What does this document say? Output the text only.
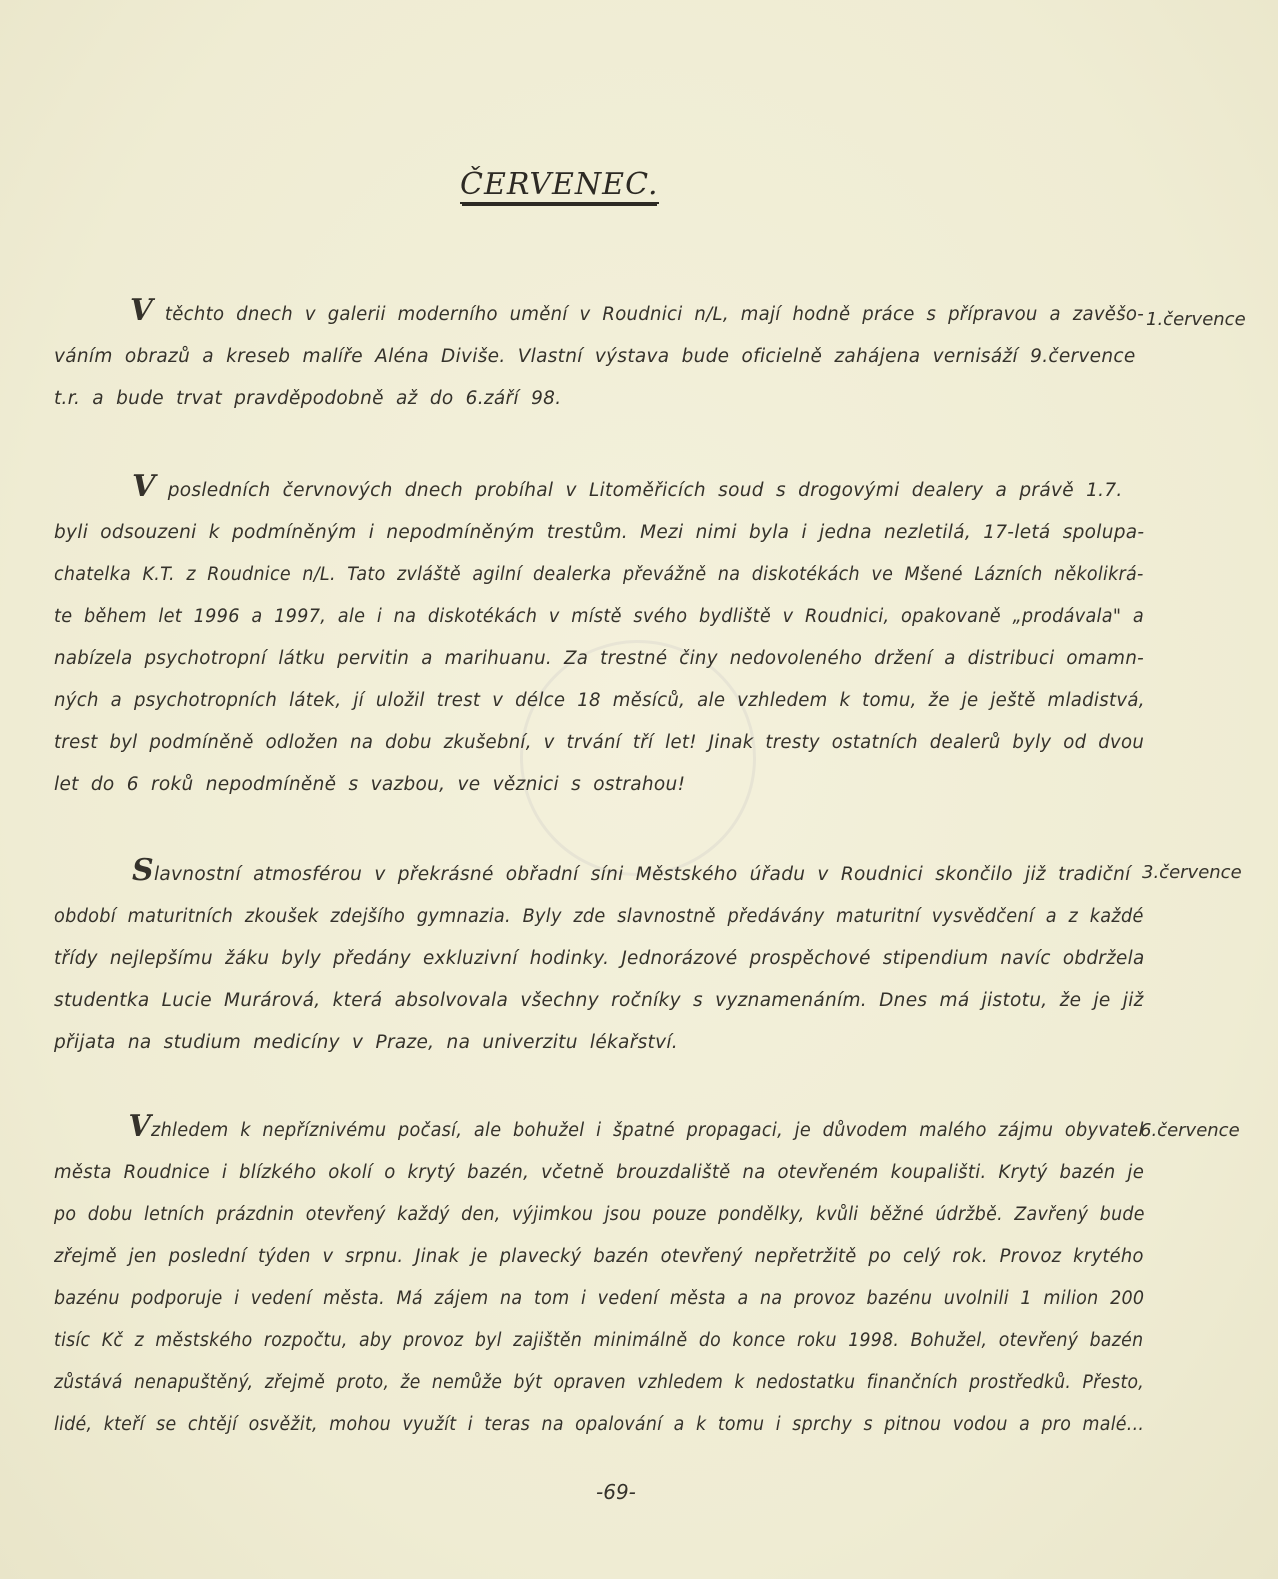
ČERVENEC.
1.července
V těchto dnech v galerii moderního umění v Roudnici n/L, mají hodně práce s přípravou a zavěšo-
váním obrazů a kreseb malíře Aléna Diviše. Vlastní výstava bude oficielně zahájena vernisáží 9.července
t.r. a bude trvat pravděpodobně až do 6.září 98.
V posledních červnových dnech probíhal v Litoměřicích soud s drogovými dealery a právě 1.7.
byli odsouzeni k podmíněným i nepodmíněným trestům. Mezi nimi byla i jedna nezletilá, 17-letá spolupa-
chatelka K.T. z Roudnice n/L. Tato zvláště agilní dealerka převážně na diskotékách ve Mšené Lázních několikrá-
te během let 1996 a 1997, ale i na diskotékách v místě svého bydliště v Roudnici, opakovaně „prodávala" a
nabízela psychotropní látku pervitin a marihuanu. Za trestné činy nedovoleného držení a distribuci omamn-
ných a psychotropních látek, jí uložil trest v délce 18 měsíců, ale vzhledem k tomu, že je ještě mladistvá,
trest byl podmíněně odložen na dobu zkušební, v trvání tří let! Jinak tresty ostatních dealerů byly od dvou
let do 6 roků nepodmíněně s vazbou, ve věznici s ostrahou!
3.července
Slavnostní atmosférou v překrásné obřadní síni Městského úřadu v Roudnici skončilo již tradiční
období maturitních zkoušek zdejšího gymnazia. Byly zde slavnostně předávány maturitní vysvědčení a z každé
třídy nejlepšímu žáku byly předány exkluzivní hodinky. Jednorázové prospěchové stipendium navíc obdržela
studentka Lucie Murárová, která absolvovala všechny ročníky s vyznamenáním. Dnes má jistotu, že je již
přijata na studium medicíny v Praze, na univerzitu lékařství.
6.července
Vzhledem k nepříznivému počasí, ale bohužel i špatné propagaci, je důvodem malého zájmu obyvatel
města Roudnice i blízkého okolí o krytý bazén, včetně brouzdaliště na otevřeném koupališti. Krytý bazén je
po dobu letních prázdnin otevřený každý den, výjimkou jsou pouze pondělky, kvůli běžné údržbě. Zavřený bude
zřejmě jen poslední týden v srpnu. Jinak je plavecký bazén otevřený nepřetržitě po celý rok. Provoz krytého
bazénu podporuje i vedení města. Má zájem na tom i vedení města a na provoz bazénu uvolnili 1 milion 200
tisíc Kč z městského rozpočtu, aby provoz byl zajištěn minimálně do konce roku 1998. Bohužel, otevřený bazén
zůstává nenapuštěný, zřejmě proto, že nemůže být opraven vzhledem k nedostatku finančních prostředků. Přesto,
lidé, kteří se chtějí osvěžit, mohou využít i teras na opalování a k tomu i sprchy s pitnou vodou a pro malé...
-69-
